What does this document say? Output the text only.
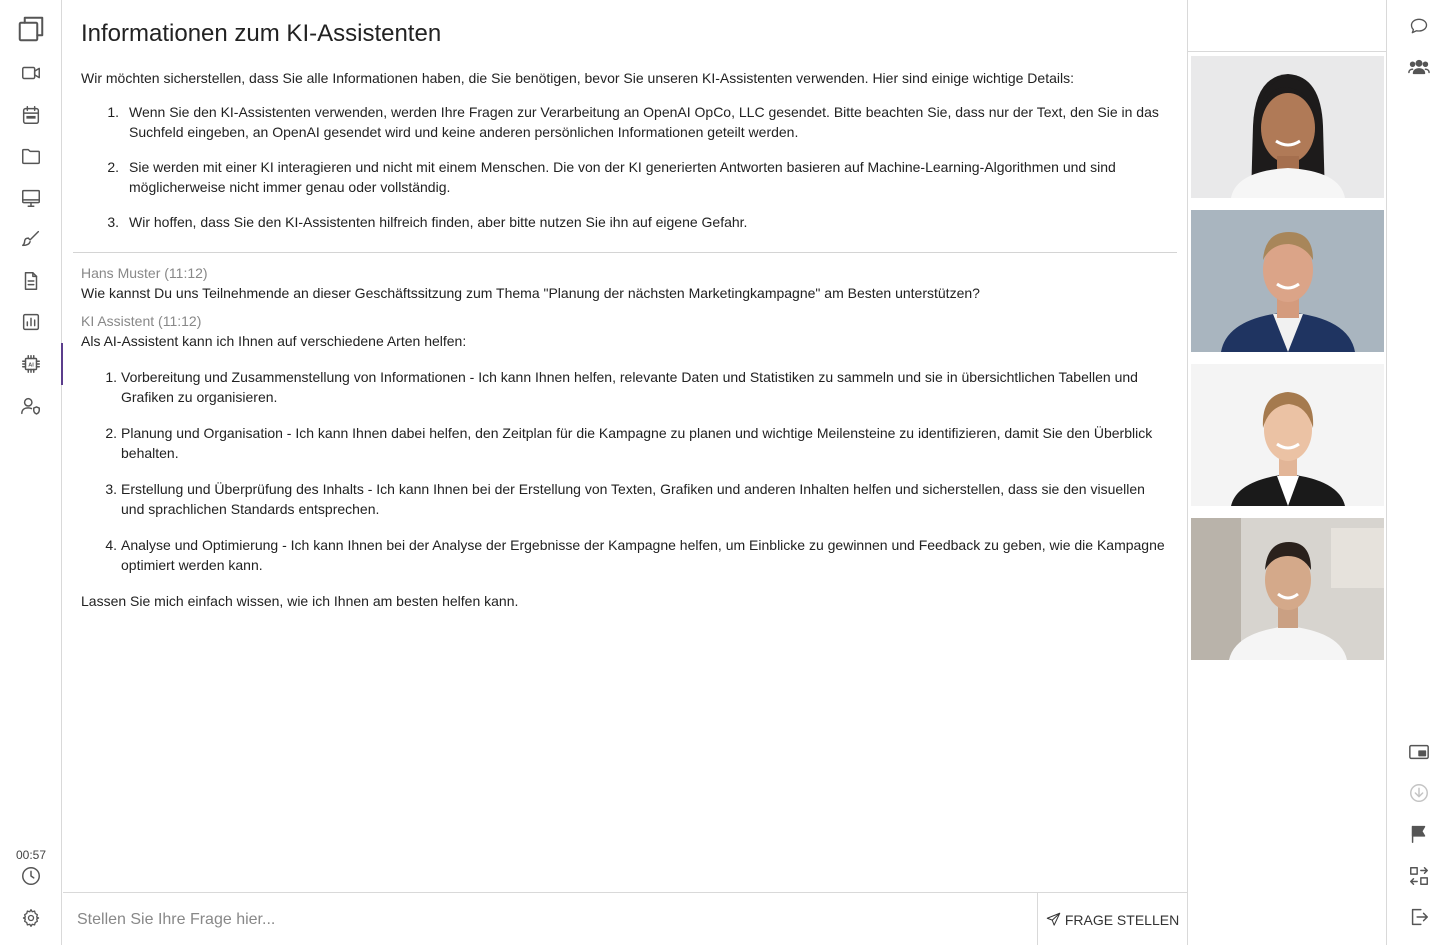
AI
00:57
Informationen zum KI-Assistenten

Wir möchten sicherstellen, dass Sie alle Informationen haben, die Sie benötigen, bevor Sie unseren KI-Assistenten verwenden. Hier sind einige wichtige Details:

1. Wenn Sie den KI-Assistenten verwenden, werden Ihre Fragen zur Verarbeitung an OpenAI OpCo, LLC gesendet. Bitte beachten Sie, dass nur der Text, den Sie in das Suchfeld eingeben, an OpenAI gesendet wird und keine anderen persönlichen Informationen geteilt werden.
2. Sie werden mit einer KI interagieren und nicht mit einem Menschen. Die von der KI generierten Antworten basieren auf Machine-Learning-Algorithmen und sind möglicherweise nicht immer genau oder vollständig.
3. Wir hoffen, dass Sie den KI-Assistenten hilfreich finden, aber bitte nutzen Sie ihn auf eigene Gefahr.
Hans Muster (11:12)
Wie kannst Du uns Teilnehmende an dieser Geschäftssitzung zum Thema "Planung der nächsten Marketingkampagne" am Besten unterstützen?
KI Assistent (11:12)
Als AI-Assistent kann ich Ihnen auf verschiedene Arten helfen:
1. Vorbereitung und Zusammenstellung von Informationen - Ich kann Ihnen helfen, relevante Daten und Statistiken zu sammeln und sie in übersichtlichen Tabellen und Grafiken zu organisieren.
2. Planung und Organisation - Ich kann Ihnen dabei helfen, den Zeitplan für die Kampagne zu planen und wichtige Meilensteine zu identifizieren, damit Sie den Überblick behalten.
3. Erstellung und Überprüfung des Inhalts - Ich kann Ihnen bei der Erstellung von Texten, Grafiken und anderen Inhalten helfen und sicherstellen, dass sie den visuellen und sprachlichen Standards entsprechen.
4. Analyse und Optimierung - Ich kann Ihnen bei der Analyse der Ergebnisse der Kampagne helfen, um Einblicke zu gewinnen und Feedback zu geben, wie die Kampagne optimiert werden kann.
Lassen Sie mich einfach wissen, wie ich Ihnen am besten helfen kann.
Stellen Sie Ihre Frage hier...
FRAGE STELLEN
